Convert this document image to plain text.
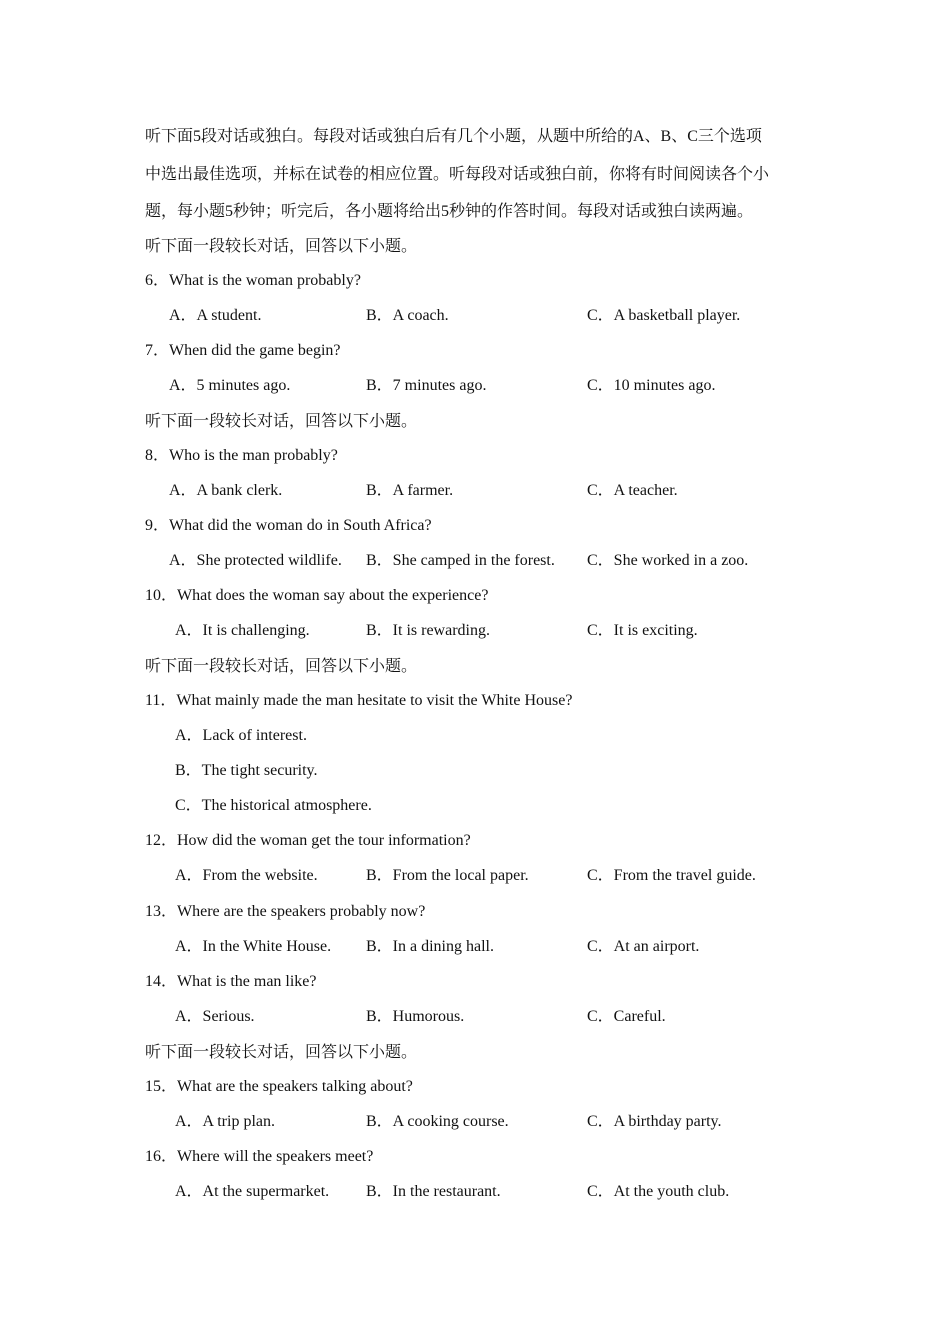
听下面5段对话或独白。每段对话或独白后有几个小题，从题中所给的A、B、C三个选项
中选出最佳选项，并标在试卷的相应位置。听每段对话或独白前，你将有时间阅读各个小
题，每小题5秒钟；听完后，各小题将给出5秒钟的作答时间。每段对话或独白读两遍。
听下面一段较长对话，回答以下小题。
6．What is the woman probably?
A．A student.	B．A coach.	C．A basketball player.
7．When did the game begin?
A．5 minutes ago.	B．7 minutes ago.	C．10 minutes ago.
听下面一段较长对话，回答以下小题。
8．Who is the man probably?
A．A bank clerk.	B．A farmer.	C．A teacher.
9．What did the woman do in South Africa?
A．She protected wildlife. B．She camped in the forest. C．She worked in a zoo.
10．What does the woman say about the experience?
A．It is challenging.	B．It is rewarding.	C．It is exciting.
听下面一段较长对话，回答以下小题。
11．What mainly made the man hesitate to visit the White House?
A．Lack of interest.
B．The tight security.
C．The historical atmosphere.
12．How did the woman get the tour information?
A．From the website.	B．From the local paper.	C．From the travel guide.
13．Where are the speakers probably now?
A．In the White House. B．In a dining hall.	C．At an airport.
14．What is the man like?
A．Serious.	B．Humorous.	C．Careful.
听下面一段较长对话，回答以下小题。
15．What are the speakers talking about?
A．A trip plan.	B．A cooking course.	C．A birthday party.
16．Where will the speakers meet?
A．At the supermarket. B．In the restaurant.	C．At the youth club.
